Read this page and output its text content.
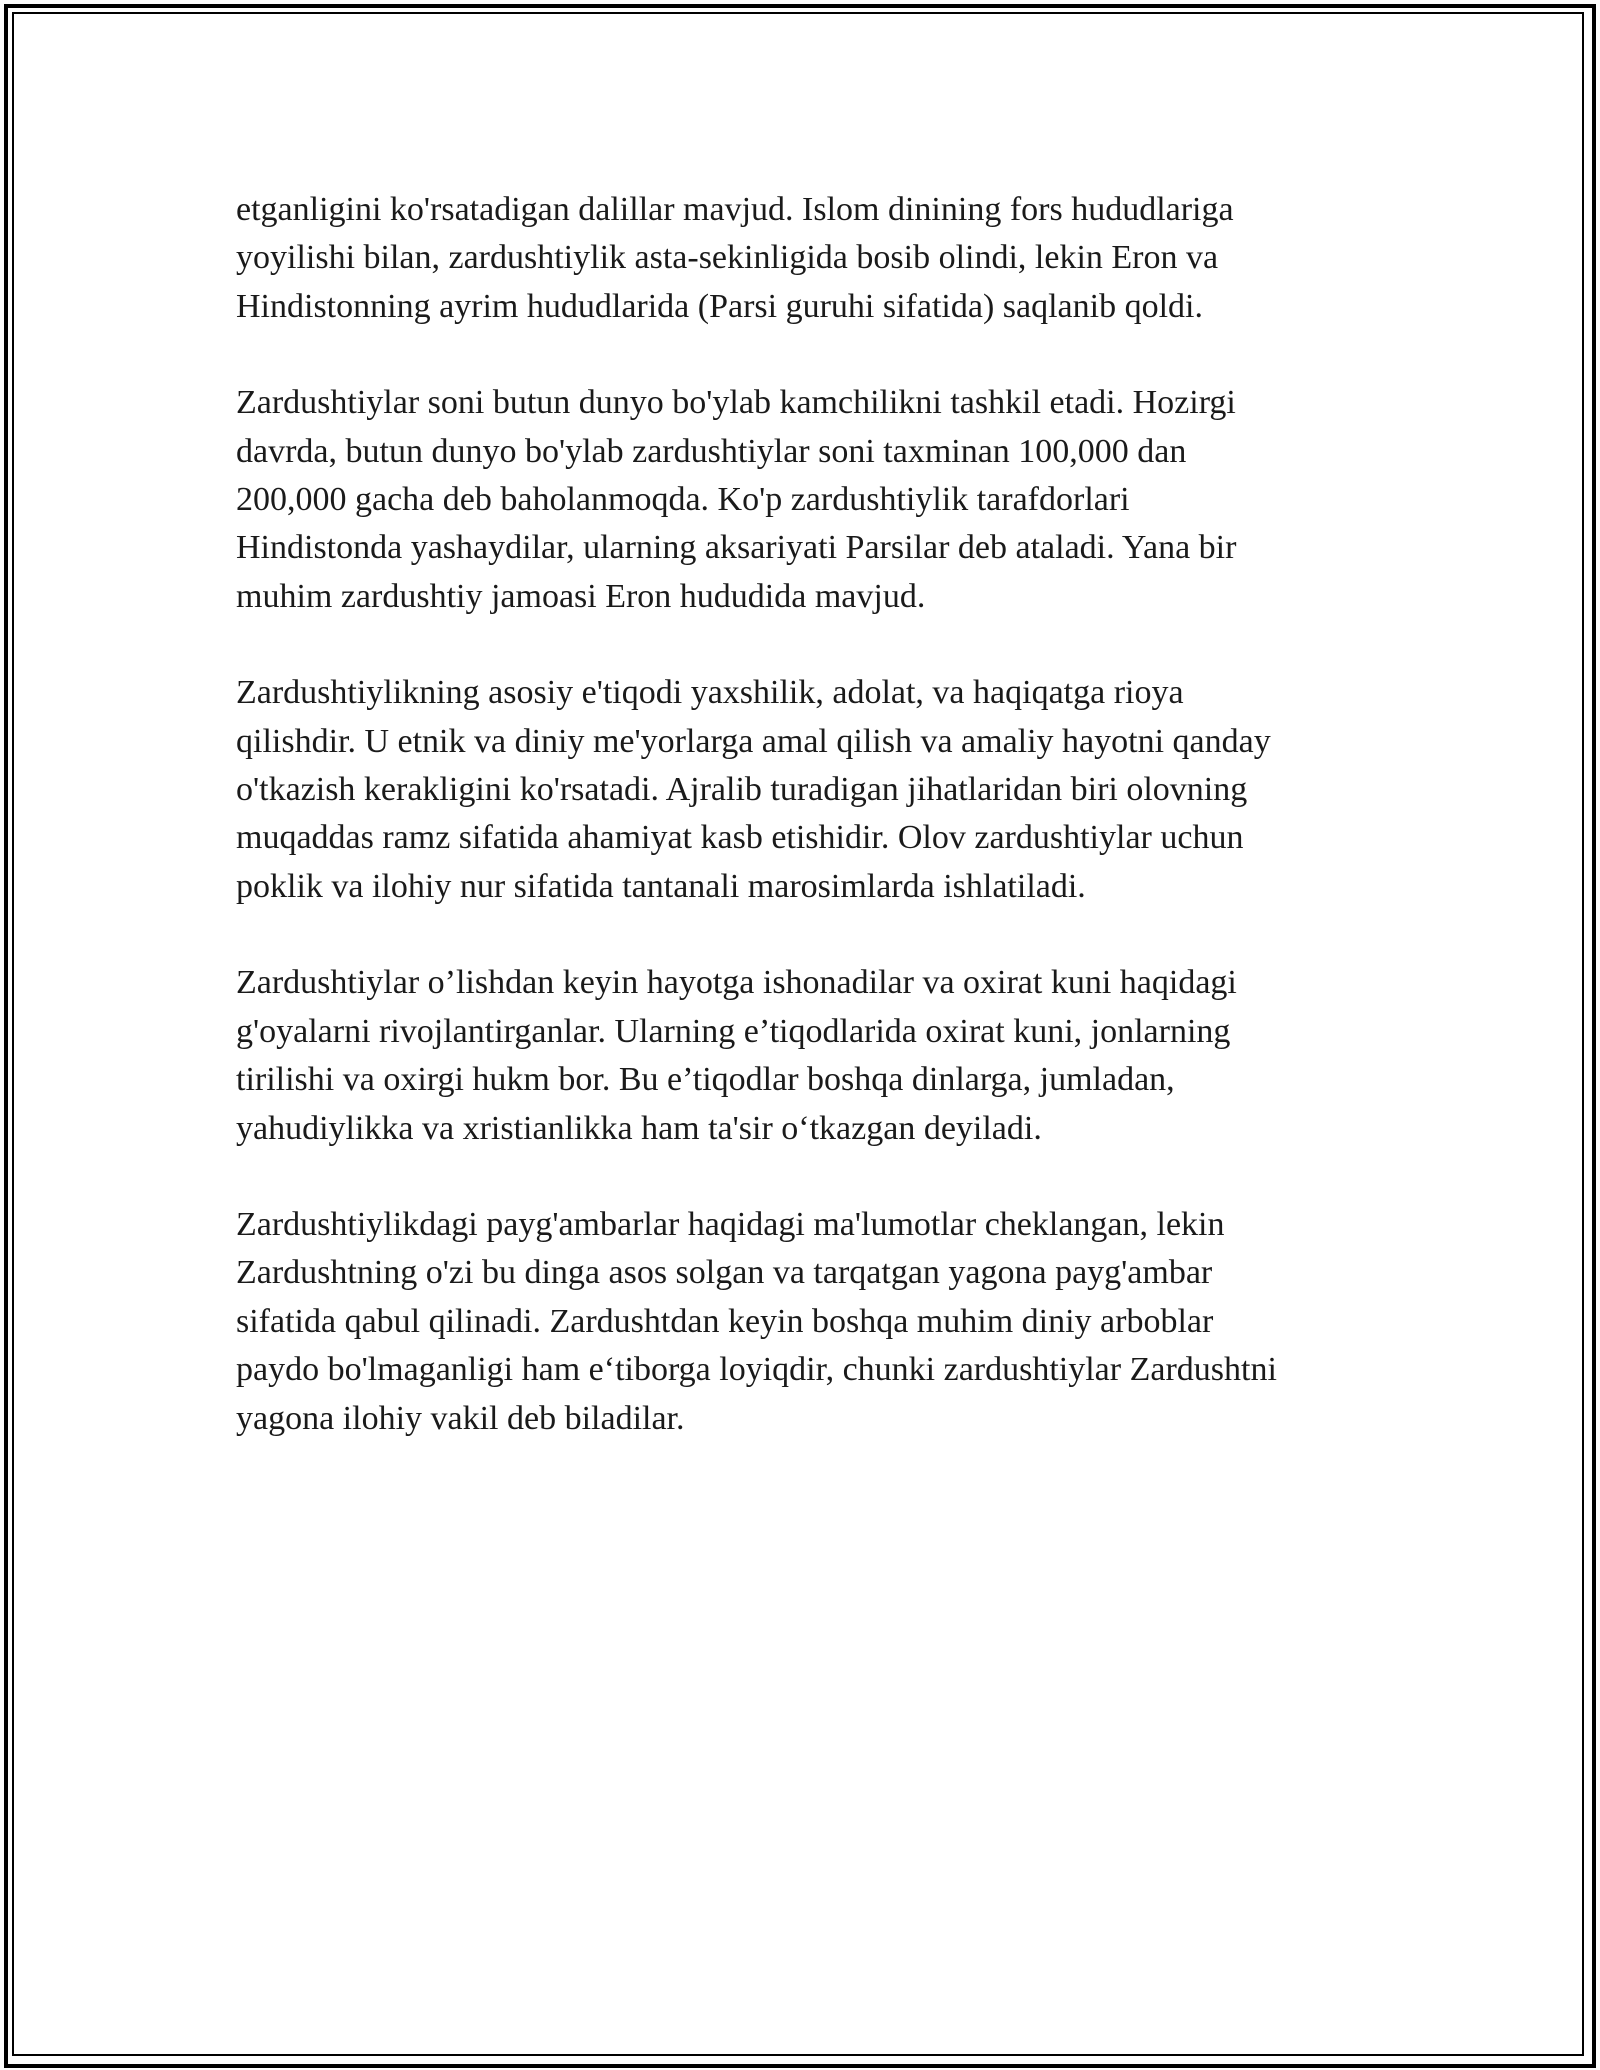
etganligini ko'rsatadigan dalillar mavjud. Islom dinining fors hududlariga
yoyilishi bilan, zardushtiylik asta-sekinligida bosib olindi, lekin Eron va
Hindistonning ayrim hududlarida (Parsi guruhi sifatida) saqlanib qoldi.

Zardushtiylar soni butun dunyo bo'ylab kamchilikni tashkil etadi. Hozirgi
davrda, butun dunyo bo'ylab zardushtiylar soni taxminan 100,000 dan
200,000 gacha deb baholanmoqda. Ko'p zardushtiylik tarafdorlari
Hindistonda yashaydilar, ularning aksariyati Parsilar deb ataladi. Yana bir
muhim zardushtiy jamoasi Eron hududida mavjud.

Zardushtiylikning asosiy e'tiqodi yaxshilik, adolat, va haqiqatga rioya
qilishdir. U etnik va diniy me'yorlarga amal qilish va amaliy hayotni qanday
o'tkazish kerakligini ko'rsatadi. Ajralib turadigan jihatlaridan biri olovning
muqaddas ramz sifatida ahamiyat kasb etishidir. Olov zardushtiylar uchun
poklik va ilohiy nur sifatida tantanali marosimlarda ishlatiladi.

Zardushtiylar o’lishdan keyin hayotga ishonadilar va oxirat kuni haqidagi
g'oyalarni rivojlantirganlar. Ularning e’tiqodlarida oxirat kuni, jonlarning
tirilishi va oxirgi hukm bor. Bu e’tiqodlar boshqa dinlarga, jumladan,
yahudiylikka va xristianlikka ham ta'sir o‘tkazgan deyiladi.

Zardushtiylikdagi payg'ambarlar haqidagi ma'lumotlar cheklangan, lekin
Zardushtning o'zi bu dinga asos solgan va tarqatgan yagona payg'ambar
sifatida qabul qilinadi. Zardushtdan keyin boshqa muhim diniy arboblar
paydo bo'lmaganligi ham e‘tiborga loyiqdir, chunki zardushtiylar Zardushtni
yagona ilohiy vakil deb biladilar.
